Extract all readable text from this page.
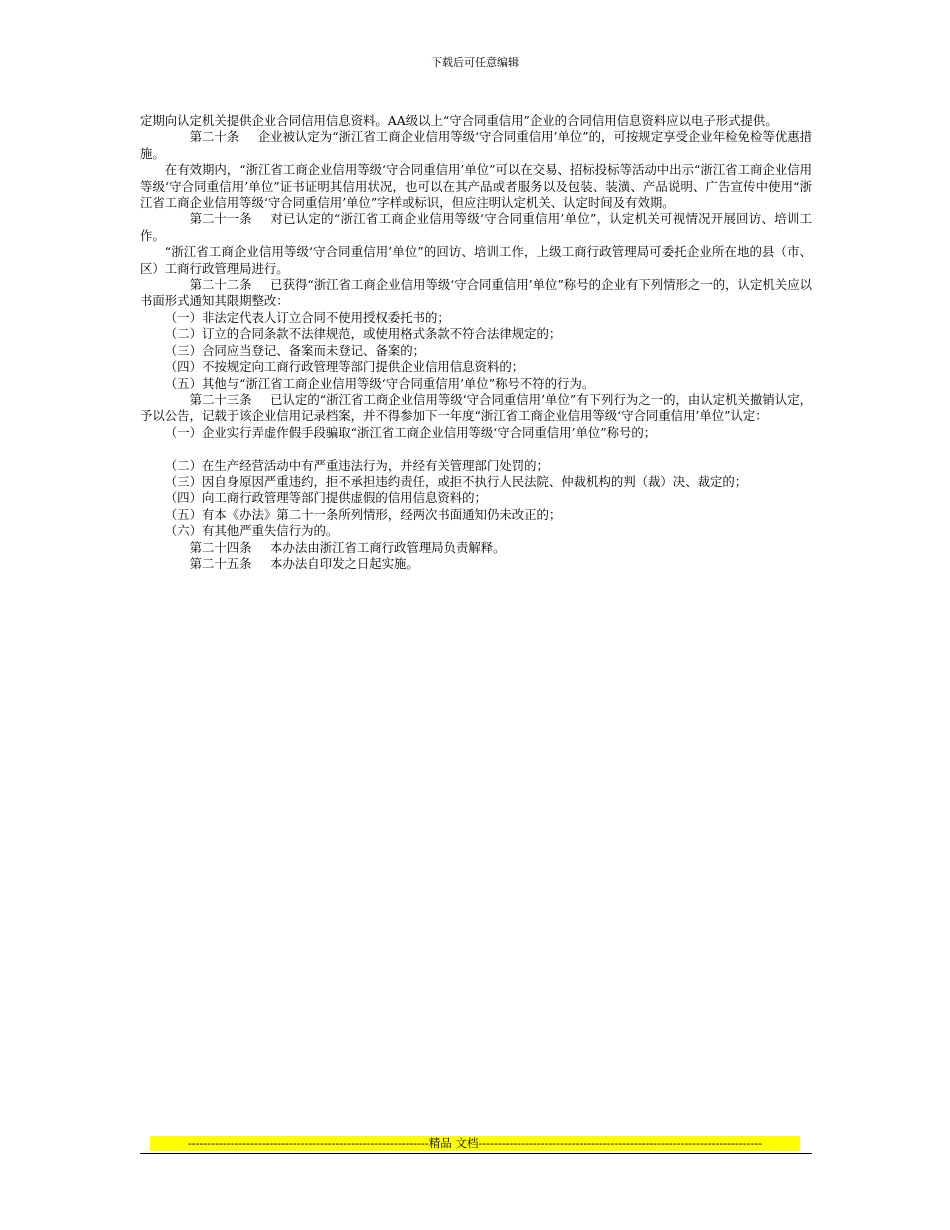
下载后可任意编辑

定期向认定机关提供企业合同信用信息资料。AA级以上“守合同重信用”企业的合同信用信息资料应以电子形式提供。

第二十条 企业被认定为“浙江省工商企业信用等级‘守合同重信用’单位”的，可按规定享受企业年检免检等优惠措施。

在有效期内，“浙江省工商企业信用等级‘守合同重信用’单位”可以在交易、招标投标等活动中出示“浙江省工商企业信用等级‘守合同重信用’单位”证书证明其信用状况，也可以在其产品或者服务以及包装、装潢、产品说明、广告宣传中使用“浙江省工商企业信用等级‘守合同重信用’单位”字样或标识，但应注明认定机关、认定时间及有效期。

第二十一条 对已认定的“浙江省工商企业信用等级‘守合同重信用’单位”，认定机关可视情况开展回访、培训工作。

“浙江省工商企业信用等级‘守合同重信用’单位”的回访、培训工作，上级工商行政管理局可委托企业所在地的县（市、区）工商行政管理局进行。

第二十二条 已获得“浙江省工商企业信用等级‘守合同重信用’单位”称号的企业有下列情形之一的，认定机关应以书面形式通知其限期整改：

（一）非法定代表人订立合同不使用授权委托书的；

（二）订立的合同条款不法律规范，或使用格式条款不符合法律规定的；

（三）合同应当登记、备案而未登记、备案的；

（四）不按规定向工商行政管理等部门提供企业信用信息资料的；

（五）其他与“浙江省工商企业信用等级‘守合同重信用’单位”称号不符的行为。

第二十三条 已认定的“浙江省工商企业信用等级‘守合同重信用’单位”有下列行为之一的，由认定机关撤销认定，予以公告，记载于该企业信用记录档案，并不得参加下一年度“浙江省工商企业信用等级‘守合同重信用’单位”认定：

（一）企业实行弄虚作假手段骗取“浙江省工商企业信用等级‘守合同重信用’单位”称号的；

（二）在生产经营活动中有严重违法行为，并经有关管理部门处罚的；

（三）因自身原因严重违约，拒不承担违约责任，或拒不执行人民法院、仲裁机构的判（裁）决、裁定的；

（四）向工商行政管理等部门提供虚假的信用信息资料的；

（五）有本《办法》第二十一条所列情形，经两次书面通知仍未改正的；

（六）有其他严重失信行为的。

第二十四条 本办法由浙江省工商行政管理局负责解释。

第二十五条 本办法自印发之日起实施。

--------------------------------------------------------------精品 文档-------------------------------------------------------------------------
